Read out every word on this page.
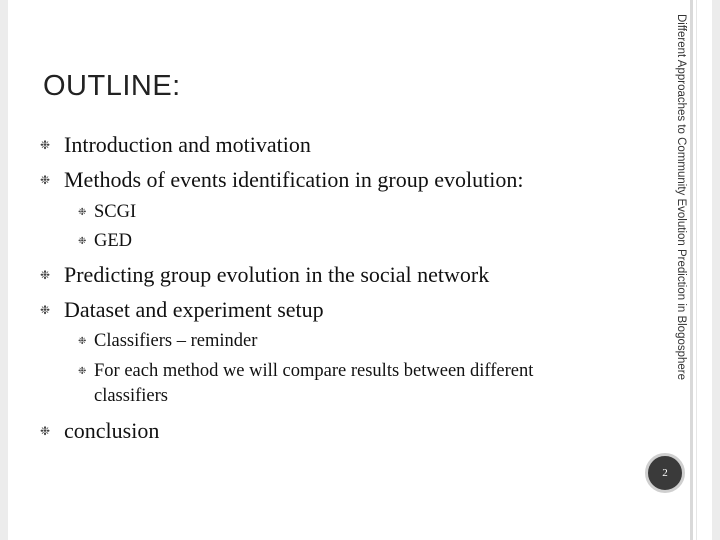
Different Approaches to Community Evolution Prediction in Blogosphere
2
OUTLINE:
❉ Introduction and motivation
❉ Methods of events identification in group evolution:
❉ SCGI
❉ GED
❉ Predicting group evolution in the social network
❉ Dataset and experiment setup
❉ Classifiers – reminder
❉ For each method we will compare results between different
classifiers
❉ conclusion
